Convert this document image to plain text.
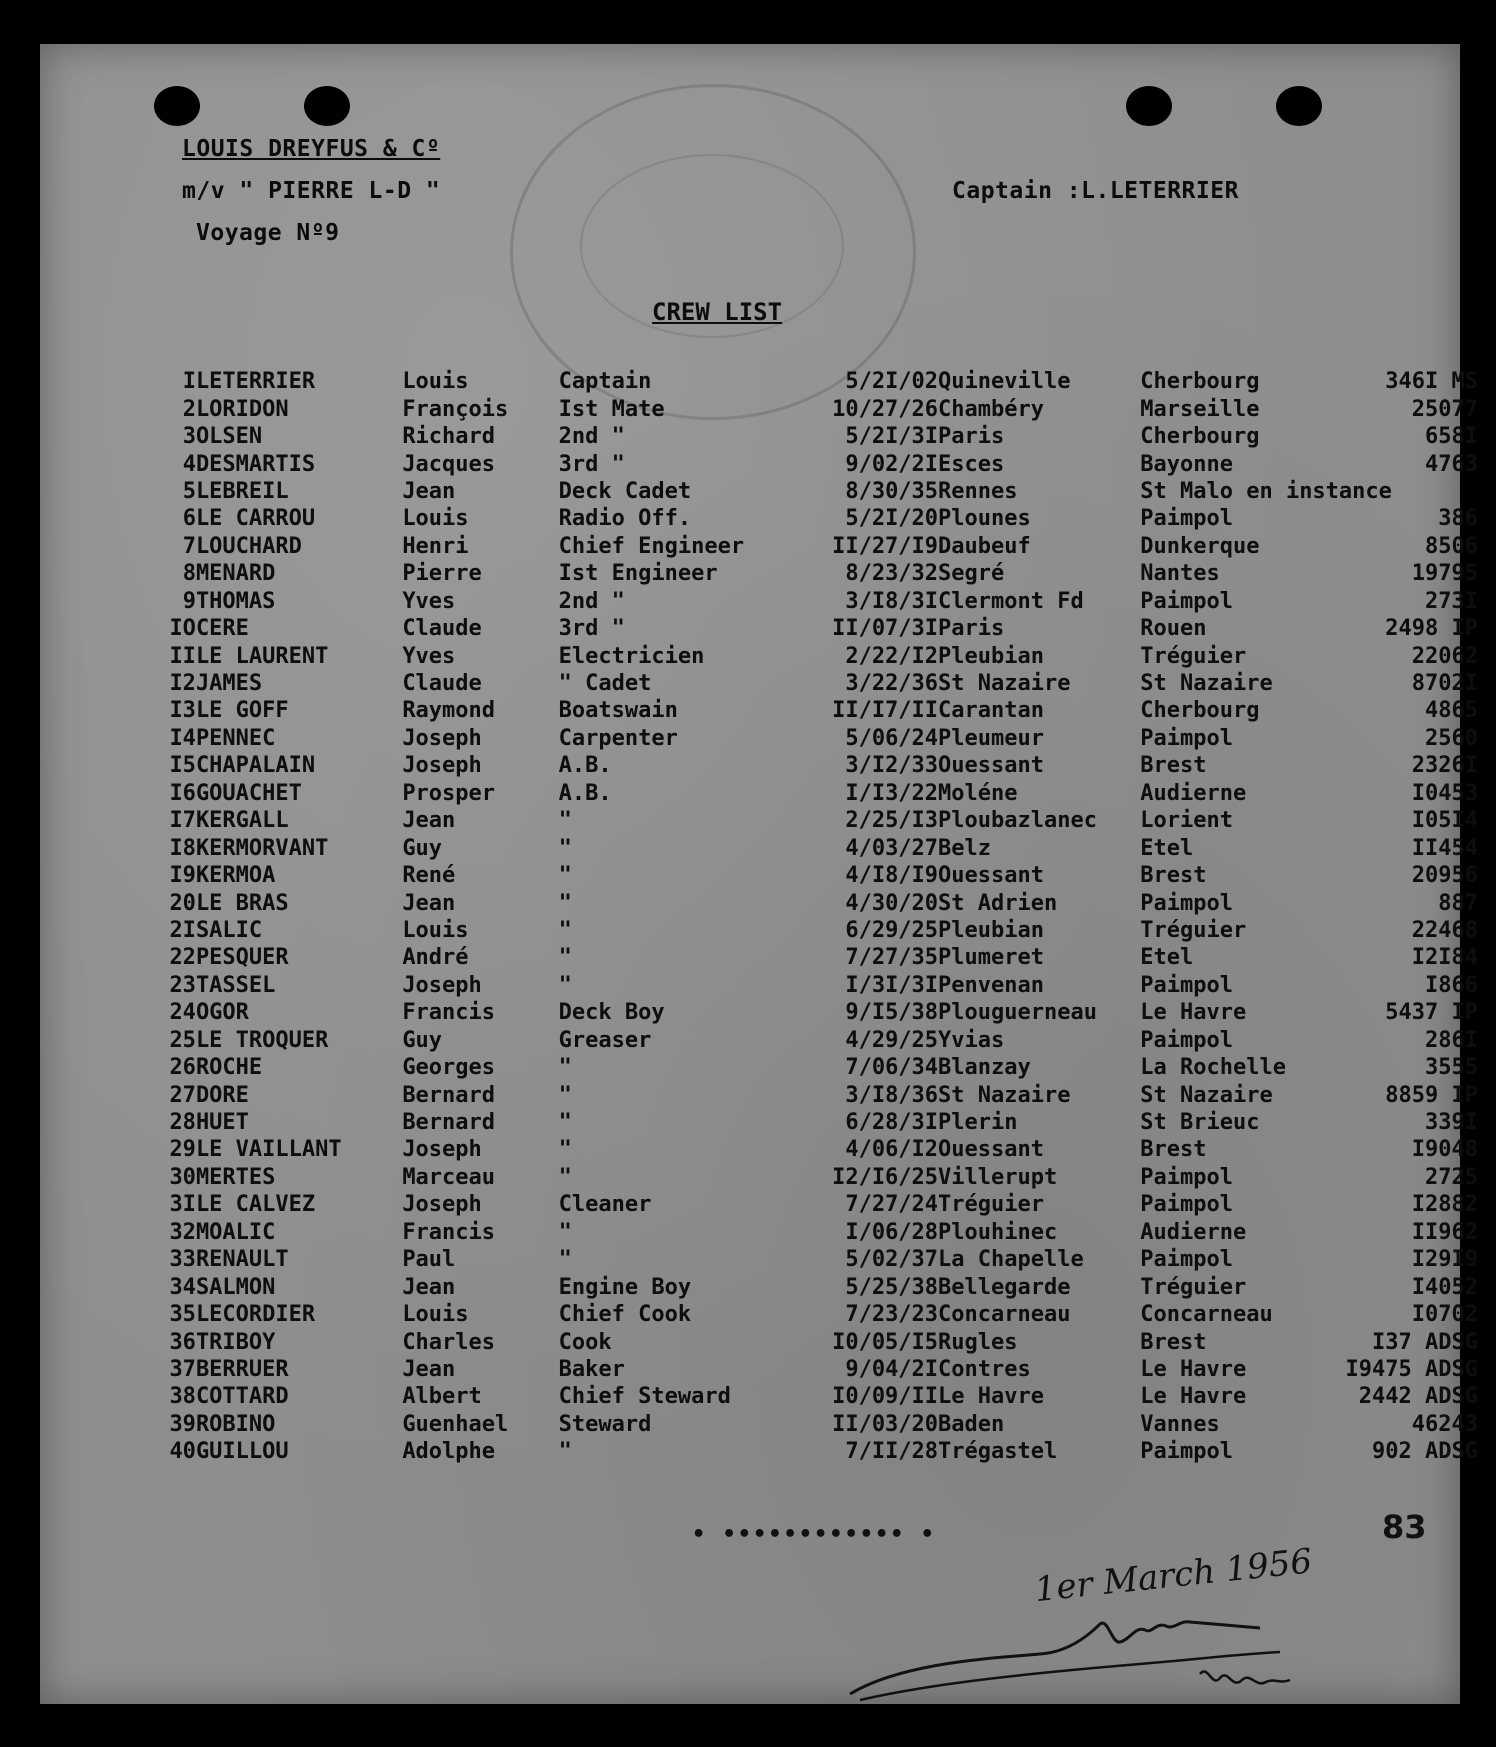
LOUIS DREYFUS & Cº
m/v " PIERRE L-D "
Voyage Nº9
Captain :L.LETERRIER
CREW LIST
I	LETERRIER	Louis	Captain	5/2I/02	Quineville	Cherbourg	346I MS
2	LORIDON	François	Ist Mate	10/27/26	Chambéry	Marseille	25077
3	OLSEN	Richard	2nd "	5/2I/3I	Paris	Cherbourg	658I
4	DESMARTIS	Jacques	3rd "	9/02/2I	Esces	Bayonne	4763
5	LEBREIL	Jean	Deck Cadet	8/30/35	Rennes	St Malo en instance	
6	LE CARROU	Louis	Radio Off.	5/2I/20	Plounes	Paimpol	386
7	LOUCHARD	Henri	Chief Engineer	II/27/I9	Daubeuf	Dunkerque	8506
8	MENARD	Pierre	Ist Engineer	8/23/32	Segré	Nantes	19795
9	THOMAS	Yves	2nd "	3/I8/3I	Clermont Fd	Paimpol	273I
IO	CERE	Claude	3rd "	II/07/3I	Paris	Rouen	2498 IP
II	LE LAURENT	Yves	Electricien	2/22/I2	Pleubian	Tréguier	22062
I2	JAMES	Claude	" Cadet	3/22/36	St Nazaire	St Nazaire	8702I
I3	LE GOFF	Raymond	Boatswain	II/I7/II	Carantan	Cherbourg	4865
I4	PENNEC	Joseph	Carpenter	5/06/24	Pleumeur	Paimpol	2560
I5	CHAPALAIN	Joseph	A.B.	3/I2/33	Ouessant	Brest	2326I
I6	GOUACHET	Prosper	A.B.	I/I3/22	Moléne	Audierne	I0453
I7	KERGALL	Jean	"	2/25/I3	Ploubazlanec	Lorient	I05I4
I8	KERMORVANT	Guy	"	4/03/27	Belz	Etel	II454
I9	KERMOA	René	"	4/I8/I9	Ouessant	Brest	20956
20	LE BRAS	Jean	"	4/30/20	St Adrien	Paimpol	887
2I	SALIC	Louis	"	6/29/25	Pleubian	Tréguier	22468
22	PESQUER	André	"	7/27/35	Plumeret	Etel	I2I84
23	TASSEL	Joseph	"	I/3I/3I	Penvenan	Paimpol	I866
24	OGOR	Francis	Deck Boy	9/I5/38	Plouguerneau	Le Havre	5437 IP
25	LE TROQUER	Guy	Greaser	4/29/25	Yvias	Paimpol	286I
26	ROCHE	Georges	"	7/06/34	Blanzay	La Rochelle	3555
27	DORE	Bernard	"	3/I8/36	St Nazaire	St Nazaire	8859 IP
28	HUET	Bernard	"	6/28/3I	Plerin	St Brieuc	339I
29	LE VAILLANT	Joseph	"	4/06/I2	Ouessant	Brest	I9048
30	MERTES	Marceau	"	I2/I6/25	Villerupt	Paimpol	2725
3I	LE CALVEZ	Joseph	Cleaner	7/27/24	Tréguier	Paimpol	I2882
32	MOALIC	Francis	"	I/06/28	Plouhinec	Audierne	II962
33	RENAULT	Paul	"	5/02/37	La Chapelle	Paimpol	I29I9
34	SALMON	Jean	Engine Boy	5/25/38	Bellegarde	Tréguier	I4052
35	LECORDIER	Louis	Chief Cook	7/23/23	Concarneau	Concarneau	I0702
36	TRIBOY	Charles	Cook	I0/05/I5	Rugles	Brest	I37 ADSG
37	BERRUER	Jean	Baker	9/04/2I	Contres	Le Havre	I9475 ADSG
38	COTTARD	Albert	Chief Steward	I0/09/II	Le Havre	Le Havre	2442 ADSG
39	ROBINO	Guenhael	Steward	II/03/20	Baden	Vannes	46243
40	GUILLOU	Adolphe	"	7/II/28	Trégastel	Paimpol	902 ADSG
• •••••••••••• •	83
1er March 1956
